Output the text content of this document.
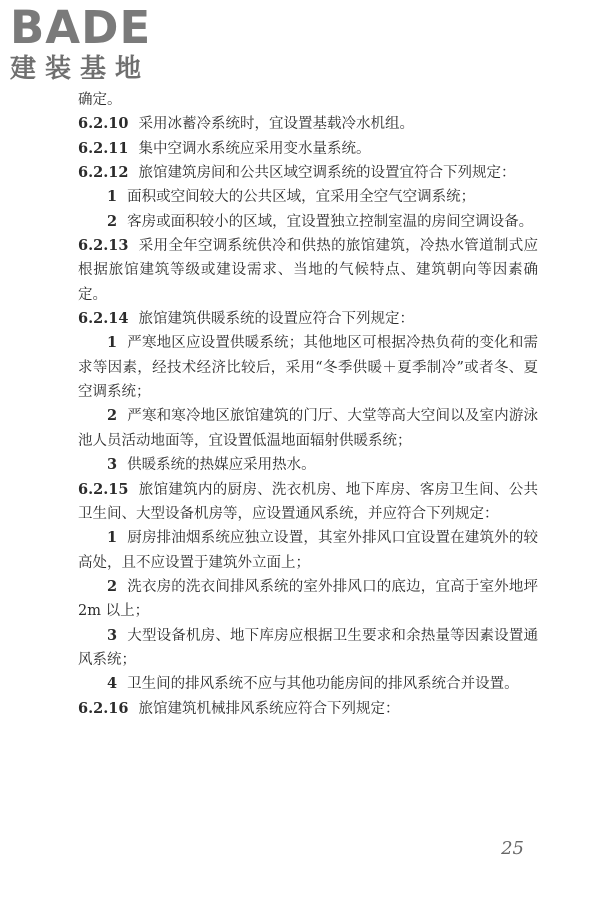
BADE
建装基地

确定。

6.2.10 采用冰蓄冷系统时，宜设置基载冷水机组。

6.2.11 集中空调水系统应采用变水量系统。

6.2.12 旅馆建筑房间和公共区域空调系统的设置宜符合下列规定：

1 面积或空间较大的公共区域，宜采用全空气空调系统；

2 客房或面积较小的区域，宜设置独立控制室温的房间空调设备。

6.2.13 采用全年空调系统供冷和供热的旅馆建筑，冷热水管道制式应根据旅馆建筑等级或建设需求、当地的气候特点、建筑朝向等因素确定。

6.2.14 旅馆建筑供暖系统的设置应符合下列规定：

1 严寒地区应设置供暖系统；其他地区可根据冷热负荷的变化和需求等因素，经技术经济比较后，采用“冬季供暖＋夏季制冷”或者冬、夏空调系统；

2 严寒和寒冷地区旅馆建筑的门厅、大堂等高大空间以及室内游泳池人员活动地面等，宜设置低温地面辐射供暖系统；

3 供暖系统的热媒应采用热水。

6.2.15 旅馆建筑内的厨房、洗衣机房、地下库房、客房卫生间、公共卫生间、大型设备机房等，应设置通风系统，并应符合下列规定：

1 厨房排油烟系统应独立设置，其室外排风口宜设置在建筑外的较高处，且不应设置于建筑外立面上；

2 洗衣房的洗衣间排风系统的室外排风口的底边，宜高于室外地坪 2m 以上；

3 大型设备机房、地下库房应根据卫生要求和余热量等因素设置通风系统；

4 卫生间的排风系统不应与其他功能房间的排风系统合并设置。

6.2.16 旅馆建筑机械排风系统应符合下列规定：

25
